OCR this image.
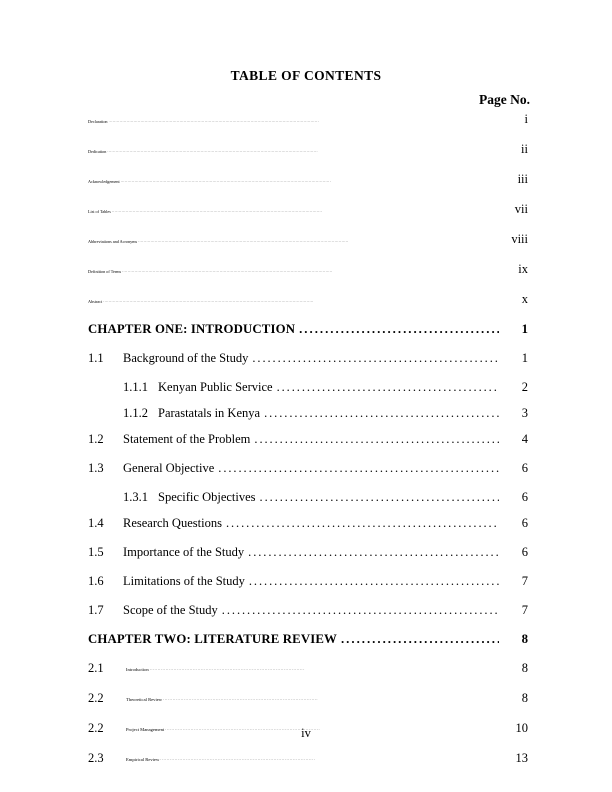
TABLE OF CONTENTS
Page No.
Declaration . . .	i
Dedication . . .	ii
Acknowledgement . . .	iii
List of Tables . . .	vii
Abbreviations and Acronyms . . .	viii
Definition of Terms . . .	ix
Abstract . . .	x
CHAPTER ONE: INTRODUCTION . . .	1
1.1	Background of the Study . . .	1
1.1.1 Kenyan Public Service . . .	2
1.1.2 Parastatals in Kenya . . .	3
1.2	Statement of the Problem . . .	4
1.3	General Objective . . .	6
1.3.1 Specific Objectives . . .	6
1.4	Research Questions . . .	6
1.5	Importance of the Study . . .	6
1.6	Limitations of the Study . . .	7
1.7	Scope of the Study . . .	7
CHAPTER TWO: LITERATURE REVIEW . . .	8
2.1	Introduction . . .	8
2.2	Theoretical Review . . .	8
2.2	Project Management . . .	10
2.3	Empirical Review . . .	13
iv
